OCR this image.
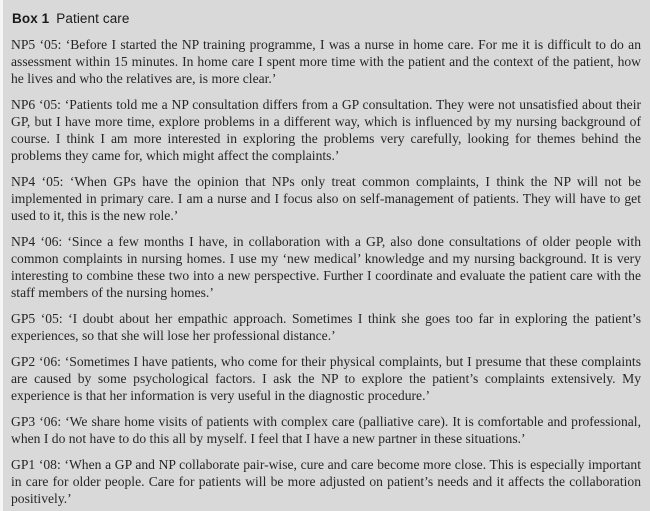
Box 1 Patient care

NP5 ‘05: ‘Before I started the NP training programme, I was a nurse in home care. For me it is difficult to do an assessment within 15 minutes. In home care I spent more time with the patient and the context of the patient, how he lives and who the relatives are, is more clear.’

NP6 ‘05: ‘Patients told me a NP consultation differs from a GP consultation. They were not unsatisfied about their GP, but I have more time, explore problems in a different way, which is influenced by my nursing background of course. I think I am more interested in exploring the problems very carefully, looking for themes behind the problems they came for, which might affect the complaints.’

NP4 ‘05: ‘When GPs have the opinion that NPs only treat common complaints, I think the NP will not be implemented in primary care. I am a nurse and I focus also on self-management of patients. They will have to get used to it, this is the new role.’

NP4 ‘06: ‘Since a few months I have, in collaboration with a GP, also done consultations of older people with common complaints in nursing homes. I use my ‘new medical’ knowledge and my nursing background. It is very interesting to combine these two into a new perspective. Further I coordinate and evaluate the patient care with the staff members of the nursing homes.’

GP5 ‘05: ‘I doubt about her empathic approach. Sometimes I think she goes too far in exploring the patient’s experiences, so that she will lose her professional distance.’

GP2 ‘06: ‘Sometimes I have patients, who come for their physical complaints, but I presume that these complaints are caused by some psychological factors. I ask the NP to explore the patient’s complaints extensively. My experience is that her information is very useful in the diagnostic procedure.’

GP3 ‘06: ‘We share home visits of patients with complex care (palliative care). It is comfortable and professional, when I do not have to do this all by myself. I feel that I have a new partner in these situations.’

GP1 ‘08: ‘When a GP and NP collaborate pair-wise, cure and care become more close. This is especially important in care for older people. Care for patients will be more adjusted on patient’s needs and it affects the collaboration positively.’
